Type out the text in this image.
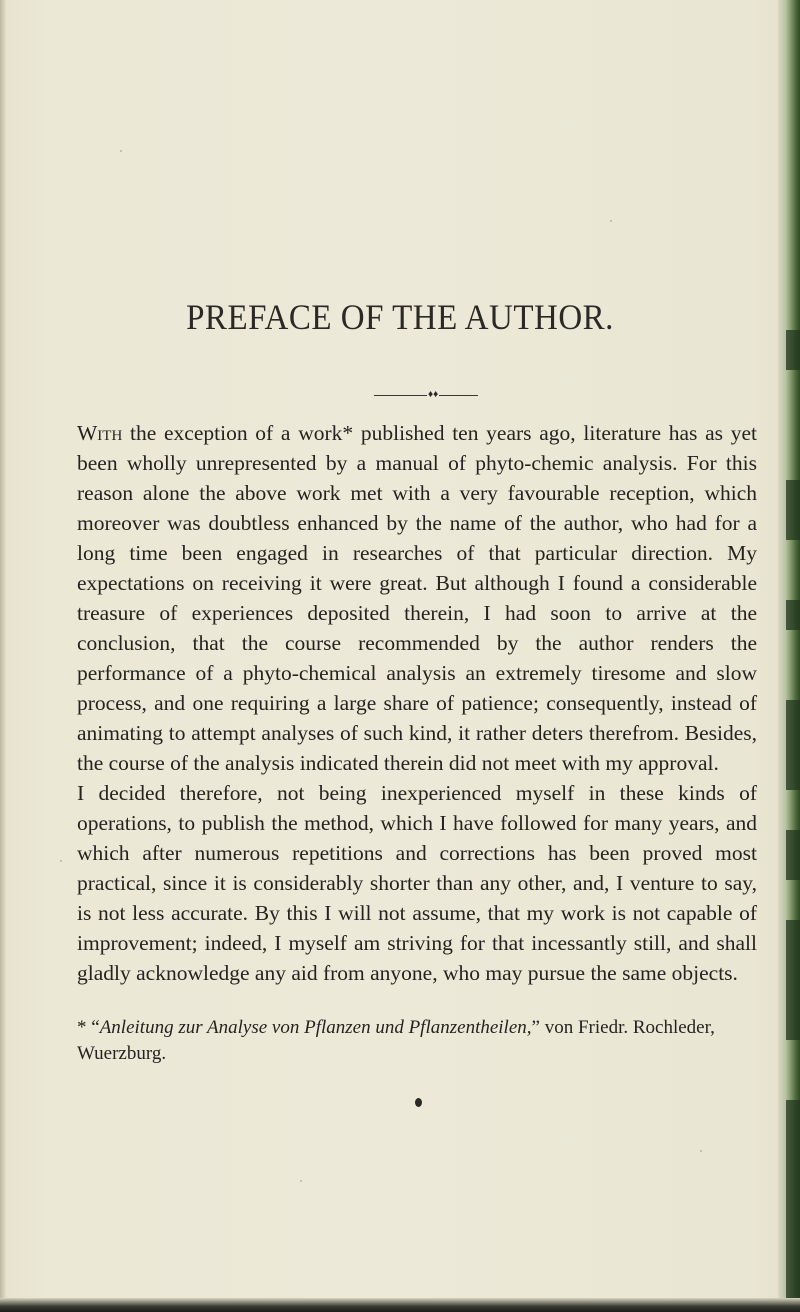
PREFACE OF THE AUTHOR.
♦♦

With the exception of a work* published ten years ago, literature has as yet been wholly unrepresented by a manual of phyto-chemic analysis. For this reason alone the above work met with a very favourable reception, which moreover was doubtless enhanced by the name of the author, who had for a long time been engaged in researches of that particular direction. My expectations on receiving it were great. But although I found a considerable treasure of experiences deposited therein, I had soon to arrive at the conclusion, that the course recommended by the author renders the performance of a phyto-chemical analysis an extremely tiresome and slow process, and one requiring a large share of patience; consequently, instead of animating to attempt analyses of such kind, it rather deters therefrom. Besides, the course of the analysis indicated therein did not meet with my approval.

I decided therefore, not being inexperienced myself in these kinds of operations, to publish the method, which I have followed for many years, and which after numerous repetitions and corrections has been proved most practical, since it is considerably shorter than any other, and, I venture to say, is not less accurate. By this I will not assume, that my work is not capable of improvement; indeed, I myself am striving for that incessantly still, and shall gladly acknowledge any aid from anyone, who may pursue the same objects.

* “Anleitung zur Analyse von Pflanzen und Pflanzentheilen,” von Friedr. Rochleder, Wuerzburg.
